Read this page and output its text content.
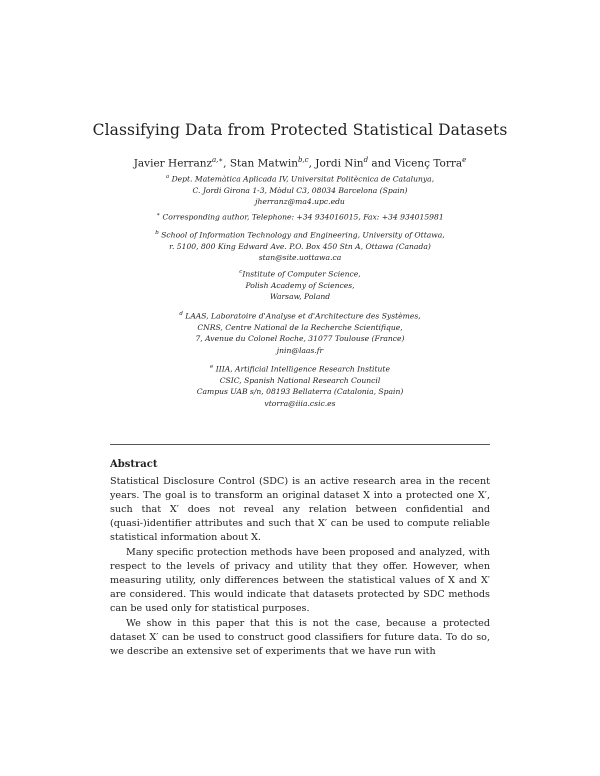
Classifying Data from Protected Statistical Datasets
Javier Herranz$^{a,∗}$, Stan Matwin$^{b,c}$, Jordi Nin$^d$ and Vicenç Torra$^e$
$^a$ Dept. Matemàtica Aplicada IV, Universitat Politècnica de Catalunya,
C. Jordi Girona 1-3, Mòdul C3, 08034 Barcelona (Spain)
jherranz@ma4.upc.edu
∗ Corresponding author, Telephone: +34 934016015, Fax: +34 934015981
$^b$ School of Information Technology and Engineering, University of Ottawa,
r. 5100, 800 King Edward Ave. P.O. Box 450 Stn A, Ottawa (Canada)
stan@site.uottawa.ca
$^c$Institute of Computer Science,
Polish Academy of Sciences,
Warsaw, Poland
$^d$ LAAS, Laboratoire d'Analyse et d'Architecture des Systèmes,
CNRS, Centre National de la Recherche Scientifique,
7, Avenue du Colonel Roche, 31077 Toulouse (France)
jnin@laas.fr
$^e$ IIIA, Artificial Intelligence Research Institute
CSIC, Spanish National Research Council
Campus UAB s/n, 08193 Bellaterra (Catalonia, Spain)
vtorra@iiia.csic.es
Abstract
Statistical Disclosure Control (SDC) is an active research area in the recent years. The goal is to transform an original dataset X into a protected one X′, such that X′ does not reveal any relation between confidential and (quasi-)identifier attributes and such that X′ can be used to compute reliable statistical information about X.
Many specific protection methods have been proposed and analyzed, with respect to the levels of privacy and utility that they offer. However, when measuring utility, only differences between the statistical values of X and X′ are considered. This would indicate that datasets protected by SDC methods can be used only for statistical purposes.
We show in this paper that this is not the case, because a protected dataset X′ can be used to construct good classifiers for future data. To do so, we describe an extensive set of experiments that we have run with
